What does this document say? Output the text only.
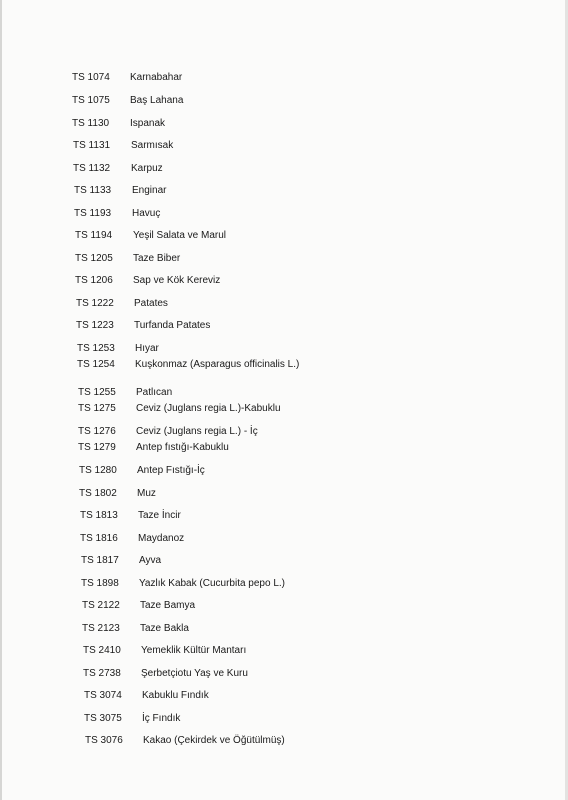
TS 1074	Karnabahar
TS 1075	Baş Lahana
TS 1130	Ispanak
TS 1131	Sarmısak
TS 1132	Karpuz
TS 1133	Enginar
TS 1193	Havuç
TS 1194	Yeşil Salata ve Marul
TS 1205	Taze Biber
TS 1206	Sap ve Kök Kereviz
TS 1222	Patates
TS 1223	Turfanda Patates
TS 1253	Hıyar
TS 1254	Kuşkonmaz (Asparagus officinalis L.)
TS 1255	Patlıcan
TS 1275	Ceviz (Juglans regia L.)-Kabuklu
TS 1276	Ceviz (Juglans regia L.) - İç
TS 1279	Antep fıstığı-Kabuklu
TS 1280	Antep Fıstığı-İç
TS 1802	Muz
TS 1813	Taze İncir
TS 1816	Maydanoz
TS 1817	Ayva
TS 1898	Yazlık Kabak (Cucurbita pepo L.)
TS 2122	Taze Bamya
TS 2123	Taze Bakla
TS 2410	Yemeklik Kültür Mantarı
TS 2738	Şerbetçiotu Yaş ve Kuru
TS 3074	Kabuklu Fındık
TS 3075	İç Fındık
TS 3076	Kakao (Çekirdek ve Öğütülmüş)
